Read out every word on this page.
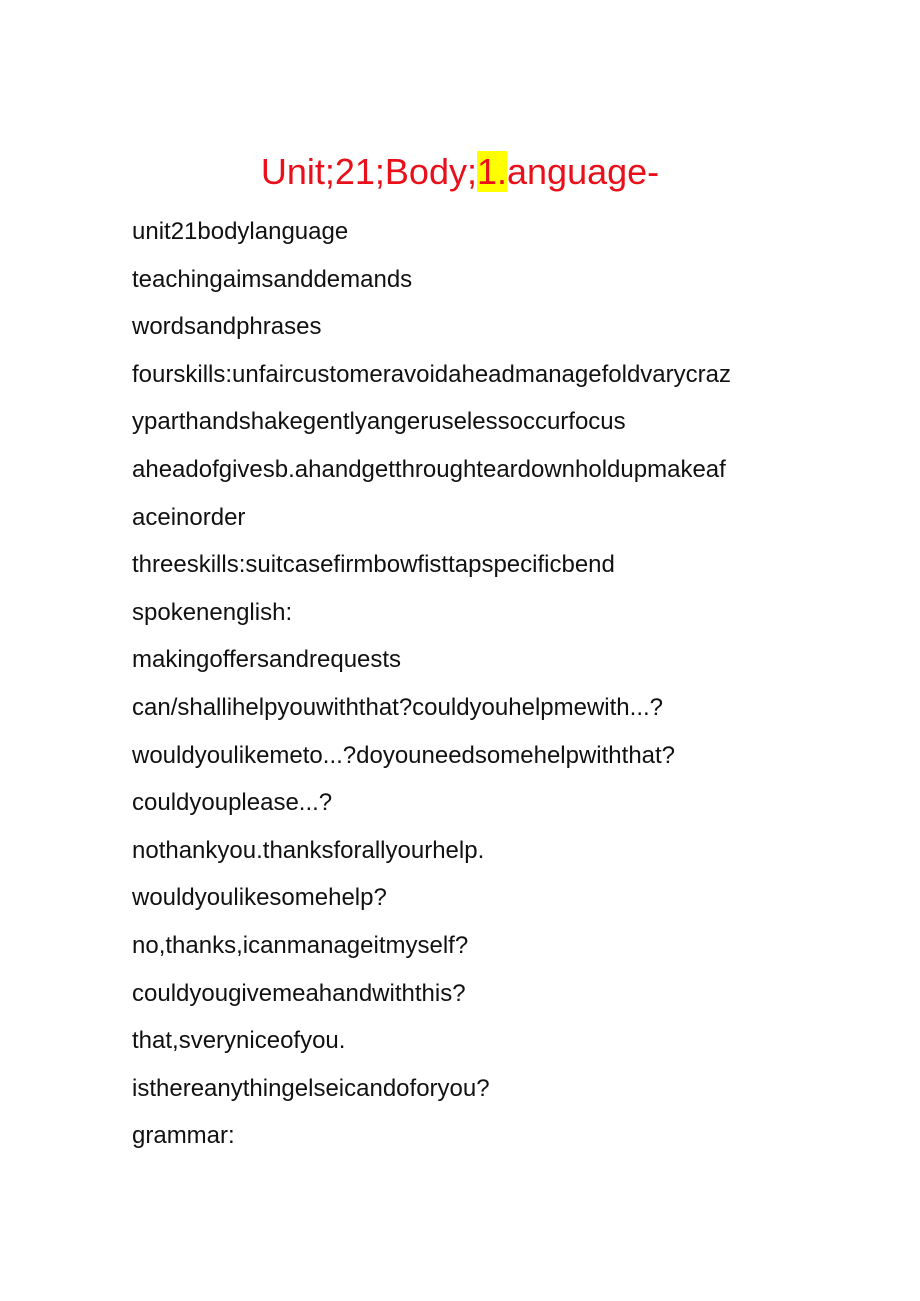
Unit;21;Body;1.anguage-
unit21bodylanguage
teachingaimsanddemands
wordsandphrases
fourskills:unfaircustomeravoidaheadmanagefoldvarycraz
yparthandshakegentlyangeruselessoccurfocus
aheadofgivesb.ahandgetthroughteardownholdupmakeaf
aceinorder
threeskills:suitcasefirmbowfisttapspecificbend
spokenenglish:
makingoffersandrequests
can/shallihelpyouwiththat?couldyouhelpmewith...?
wouldyoulikemeto...?doyouneedsomehelpwiththat?
couldyouplease...?
nothankyou.thanksforallyourhelp.
wouldyoulikesomehelp?
no,thanks,icanmanageitmyself?
couldyougivemeahandwiththis?
that,sveryniceofyou.
isthereanythingelseicandoforyou?
grammar:
